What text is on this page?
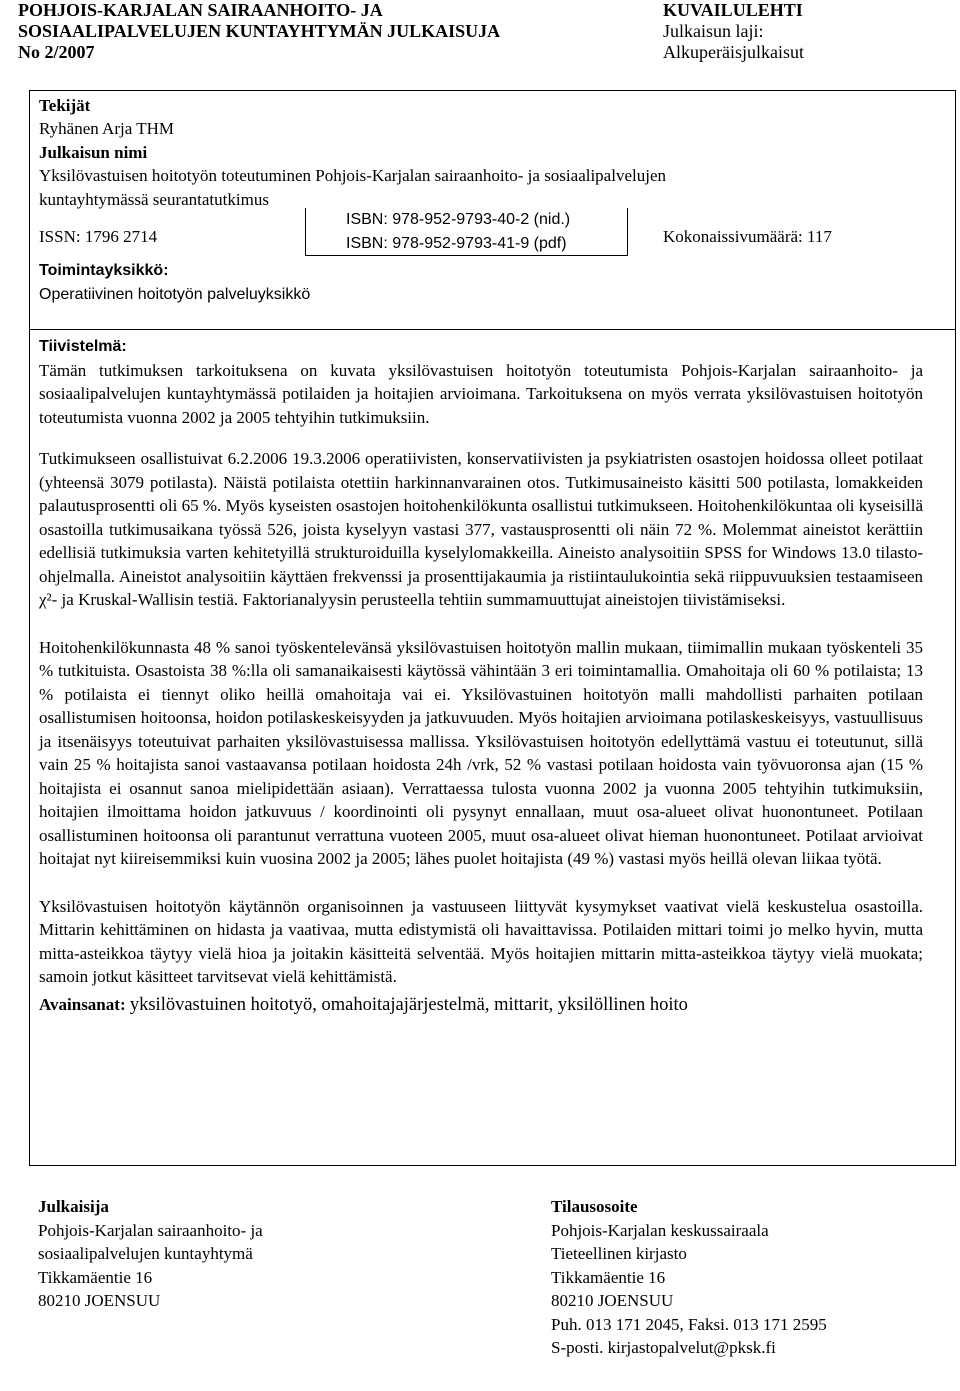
POHJOIS-KARJALAN SAIRAANHOITO- JA
SOSIAALIPALVELUJEN KUNTAYHTYMÄN JULKAISUJA
No 2/2007
KUVAILULEHTI
Julkaisun laji:
Alkuperäisjulkaisut
Tekijät
Ryhänen Arja THM
Julkaisun nimi
Yksilövastuisen hoitotyön toteutuminen Pohjois-Karjalan sairaanhoito- ja sosiaalipalvelujen
kuntayhtymässä seurantatutkimus
ISSN: 1796 2714
ISBN: 978-952-9793-40-2 (nid.)
ISBN: 978-952-9793-41-9 (pdf)	Kokonaissivumäärä: 117
Toimintayksikkö:
Operatiivinen hoitotyön palveluyksikkö
Tiivistelmä:

Tämän tutkimuksen tarkoituksena on kuvata yksilövastuisen hoitotyön toteutumista Pohjois-Karjalan sairaanhoito- ja sosiaalipalvelujen kuntayhtymässä potilaiden ja hoitajien arvioimana. Tarkoituksena on myös verrata yksilövastuisen hoitotyön toteutumista vuonna 2002 ja 2005 tehtyihin tutkimuksiin.

Tutkimukseen osallistuivat 6.2.2006 19.3.2006 operatiivisten, konservatiivisten ja psykiatristen osastojen hoidossa olleet potilaat (yhteensä 3079 potilasta). Näistä potilaista otettiin harkinnanvarainen otos. Tutkimusaineisto käsitti 500 potilasta, lomakkeiden palautusprosentti oli 65 %. Myös kyseisten osastojen hoitohenkilökunta osallistui tutkimukseen. Hoitohenkilökuntaa oli kyseisillä osastoilla tutkimusaikana työssä 526, joista kyselyyn vastasi 377, vastausprosentti oli näin 72 %. Molemmat aineistot kerättiin edellisiä tutkimuksia varten kehitetyillä strukturoiduilla kyselylomakkeilla. Aineisto analysoitiin SPSS for Windows 13.0 tilasto-ohjelmalla. Aineistot analysoitiin käyttäen frekvenssi ja prosenttijakaumia ja ristiintaulukointia sekä riippuvuuksien testaamiseen χ²- ja Kruskal-Wallisin testiä. Faktorianalyysin perusteella tehtiin summamuuttujat aineistojen tiivistämiseksi.

Hoitohenkilökunnasta 48 % sanoi työskentelevänsä yksilövastuisen hoitotyön mallin mukaan, tiimimallin mukaan työskenteli 35 % tutkituista. Osastoista 38 %:lla oli samanaikaisesti käytössä vähintään 3 eri toimintamallia. Omahoitaja oli 60 % potilaista; 13 % potilaista ei tiennyt oliko heillä omahoitaja vai ei. Yksilövastuinen hoitotyön malli mahdollisti parhaiten potilaan osallistumisen hoitoonsa, hoidon potilaskeskeisyyden ja jatkuvuuden. Myös hoitajien arvioimana potilaskeskeisyys, vastuullisuus ja itsenäisyys toteutuivat parhaiten yksilövastuisessa mallissa. Yksilövastuisen hoitotyön edellyttämä vastuu ei toteutunut, sillä vain 25 % hoitajista sanoi vastaavansa potilaan hoidosta 24h /vrk, 52 % vastasi potilaan hoidosta vain työvuoronsa ajan (15 % hoitajista ei osannut sanoa mielipidettään asiaan). Verrattaessa tulosta vuonna 2002 ja vuonna 2005 tehtyihin tutkimuksiin, hoitajien ilmoittama hoidon jatkuvuus / koordinointi oli pysynyt ennallaan, muut osa-alueet olivat huonontuneet. Potilaan osallistuminen hoitoonsa oli parantunut verrattuna vuoteen 2005, muut osa-alueet olivat hieman huonontuneet. Potilaat arvioivat hoitajat nyt kiireisemmiksi kuin vuosina 2002 ja 2005; lähes puolet hoitajista (49 %) vastasi myös heillä olevan liikaa työtä.

Yksilövastuisen hoitotyön käytännön organisoinnen ja vastuuseen liittyvät kysymykset vaativat vielä keskustelua osastoilla. Mittarin kehittäminen on hidasta ja vaativaa, mutta edistymistä oli havaittavissa. Potilaiden mittari toimi jo melko hyvin, mutta mitta-asteikkoa täytyy vielä hioa ja joitakin käsitteitä selventää. Myös hoitajien mittarin mitta-asteikkoa täytyy vielä muokata; samoin jotkut käsitteet tarvitsevat vielä kehittämistä.

Avainsanat: yksilövastuinen hoitotyö, omahoitajajärjestelmä, mittarit, yksilöllinen hoito
Julkaisija
Pohjois-Karjalan sairaanhoito- ja
sosiaalipalvelujen kuntayhtymä
Tikkamäentie 16
80210 JOENSUU
Tilausosoite
Pohjois-Karjalan keskussairaala
Tieteellinen kirjasto
Tikkamäentie 16
80210 JOENSUU
Puh. 013 171 2045, Faksi. 013 171 2595
S-posti. kirjastopalvelut@pksk.fi
